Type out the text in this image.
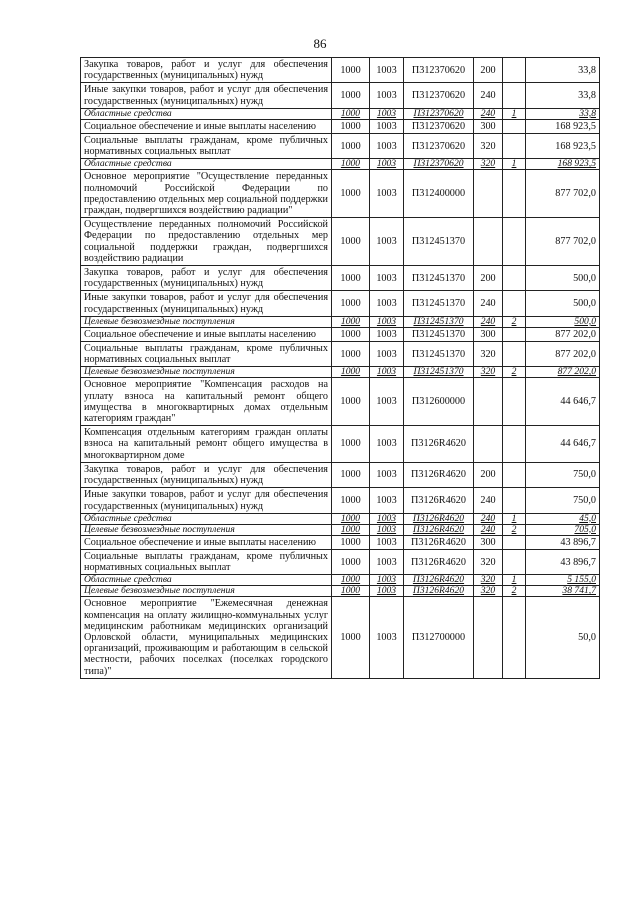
86
Закупка товаров, работ и услуг для обеспечения государственных (муниципальных) нужд	1000	1003	П312370620	200		33,8
Иные закупки товаров, работ и услуг для обеспечения государственных (муниципальных) нужд	1000	1003	П312370620	240		33,8
Областные средства	1000	1003	П312370620	240	1	33,8
Социальное обеспечение и иные выплаты населению	1000	1003	П312370620	300		168 923,5
Социальные выплаты гражданам, кроме публичных нормативных социальных выплат	1000	1003	П312370620	320		168 923,5
Областные средства	1000	1003	П312370620	320	1	168 923,5
Основное мероприятие "Осуществление переданных полномочий Российской Федерации по предоставлению отдельных мер социальной поддержки граждан, подвергшихся воздействию радиации"	1000	1003	П312400000			877 702,0
Осуществление переданных полномочий Российской Федерации по предоставлению отдельных мер социальной поддержки граждан, подвергшихся воздействию радиации	1000	1003	П312451370			877 702,0
Закупка товаров, работ и услуг для обеспечения государственных (муниципальных) нужд	1000	1003	П312451370	200		500,0
Иные закупки товаров, работ и услуг для обеспечения государственных (муниципальных) нужд	1000	1003	П312451370	240		500,0
Целевые безвозмездные поступления	1000	1003	П312451370	240	2	500,0
Социальное обеспечение и иные выплаты населению	1000	1003	П312451370	300		877 202,0
Социальные выплаты гражданам, кроме публичных нормативных социальных выплат	1000	1003	П312451370	320		877 202,0
Целевые безвозмездные поступления	1000	1003	П312451370	320	2	877 202,0
Основное мероприятие "Компенсация расходов на уплату взноса на капитальный ремонт общего имущества в многоквартирных домах отдельным категориям граждан"	1000	1003	П312600000			44 646,7
Компенсация отдельным категориям граждан оплаты взноса на капитальный ремонт общего имущества в многоквартирном доме	1000	1003	П3126R4620			44 646,7
Закупка товаров, работ и услуг для обеспечения государственных (муниципальных) нужд	1000	1003	П3126R4620	200		750,0
Иные закупки товаров, работ и услуг для обеспечения государственных (муниципальных) нужд	1000	1003	П3126R4620	240		750,0
Областные средства	1000	1003	П3126R4620	240	1	45,0
Целевые безвозмездные поступления	1000	1003	П3126R4620	240	2	705,0
Социальное обеспечение и иные выплаты населению	1000	1003	П3126R4620	300		43 896,7
Социальные выплаты гражданам, кроме публичных нормативных социальных выплат	1000	1003	П3126R4620	320		43 896,7
Областные средства	1000	1003	П3126R4620	320	1	5 155,0
Целевые безвозмездные поступления	1000	1003	П3126R4620	320	2	38 741,7
Основное мероприятие "Ежемесячная денежная компенсация на оплату жилищно-коммунальных услуг медицинским работникам медицинских организаций Орловской области, муниципальных медицинских организаций, проживающим и работающим в сельской местности, рабочих поселках (поселках городского типа)"	1000	1003	П312700000			50,0
